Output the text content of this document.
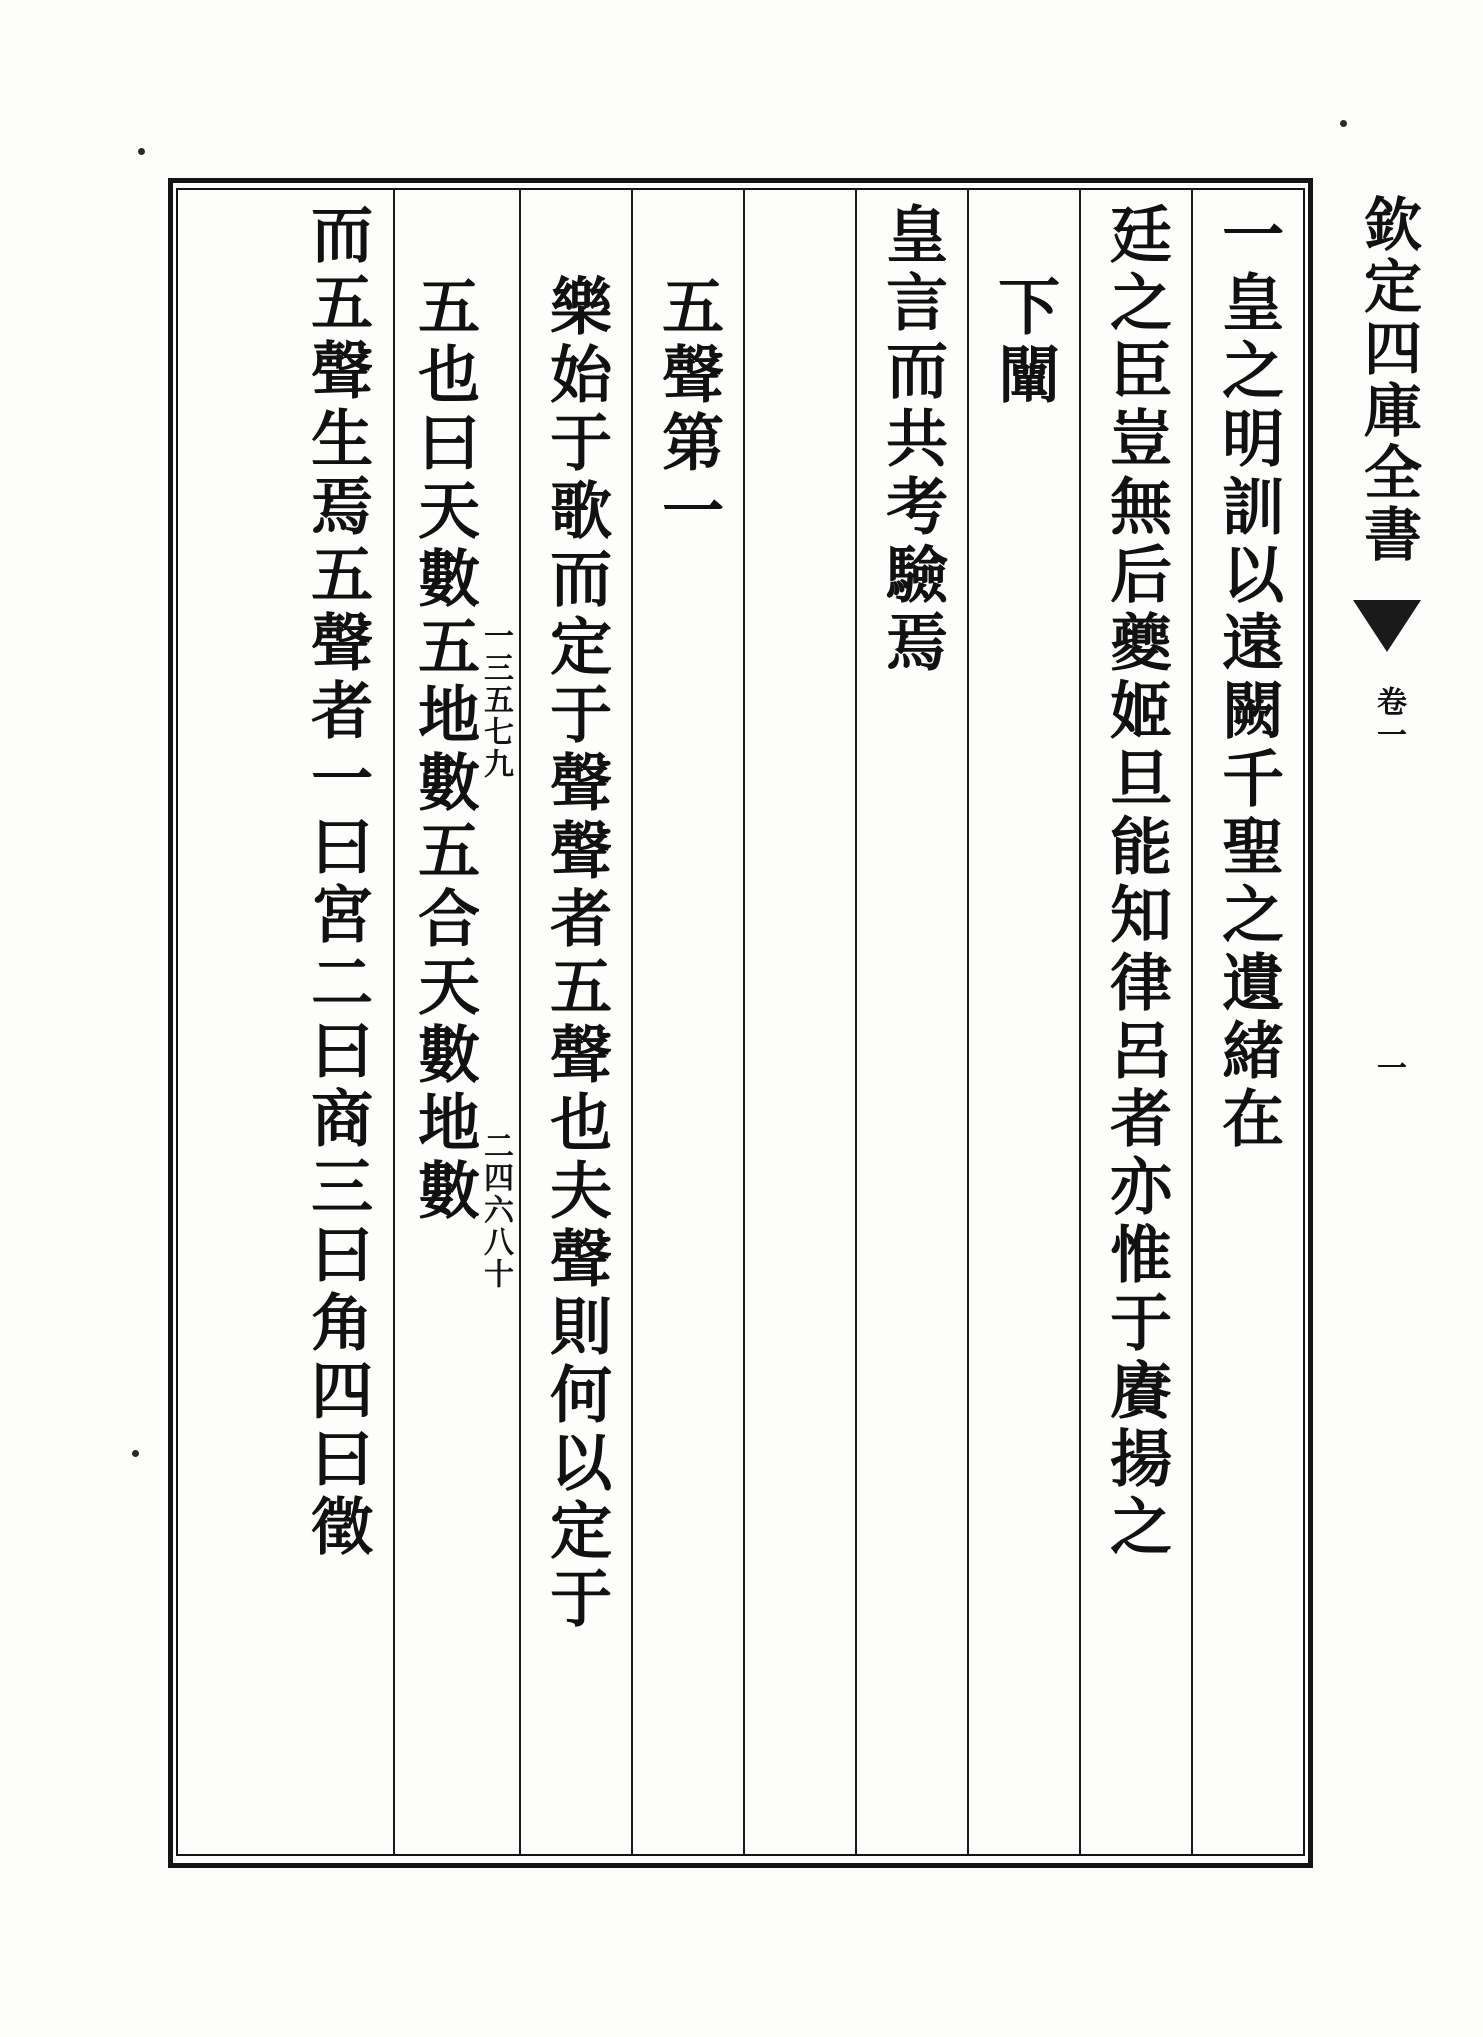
一皇之明訓以遠闕千聖之遺緒在
廷之臣豈無后夔姬旦能知律呂者亦惟于賡揚之
下闡
皇言而共考驗焉
五聲第一
樂始于歌而定于聲聲者五聲也夫聲則何以定于
五也曰天數五地數五合天數地數
一三五七九
二四六八十
而五聲生焉五聲者一曰宮二曰商三曰角四曰徵	欽定四庫全書
卷一
一
